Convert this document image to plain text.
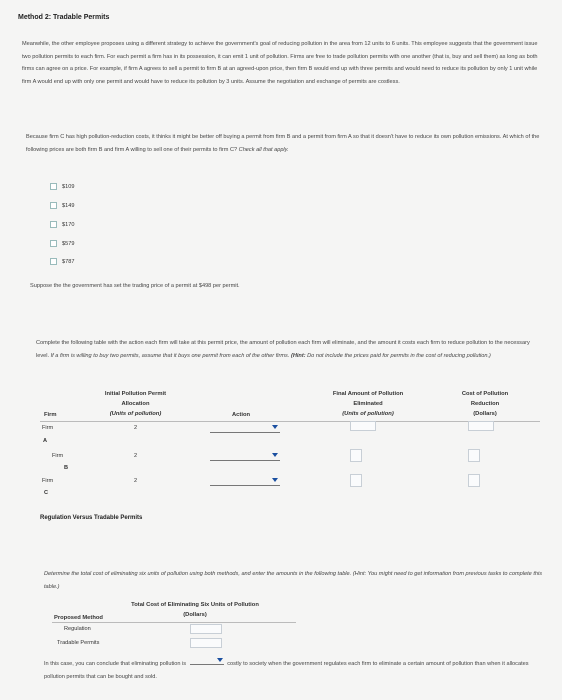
Method 2: Tradable Permits
Meanwhile, the other employee proposes using a different strategy to achieve the government's goal of reducing pollution in the area from 12 units to 6 units. This employee suggests that the government issue two pollution permits to each firm. For each permit a firm has in its possession, it can emit 1 unit of pollution. Firms are free to trade pollution permits with one another (that is, buy and sell them) as long as both firms can agree on a price. For example, if firm A agrees to sell a permit to firm B at an agreed-upon price, then firm B would end up with three permits and would need to reduce its pollution by only 1 unit while firm A would end up with only one permit and would have to reduce its pollution by 3 units. Assume the negotiation and exchange of permits are costless.
Because firm C has high pollution-reduction costs, it thinks it might be better off buying a permit from firm B and a permit from firm A so that it doesn't have to reduce its own pollution emissions. At which of the following prices are both firm B and firm A willing to sell one of their permits to firm C? Check all that apply.
$109
$149
$170
$579
$787
Suppose the the government has set the trading price of a permit at $498 per permit.
Complete the following table with the action each firm will take at this permit price, the amount of pollution each firm will eliminate, and the amount it costs each firm to reduce pollution to the necessary level. If a firm is willing to buy two permits, assume that it buys one permit from each of the other firms. (Hint: Do not include the prices paid for permits in the cost of reducing pollution.)
Firm
Initial Pollution Permit
Allocation
(Units of pollution)	Action
Final Amount of Pollution
Eliminated
(Units of pollution)
Cost of Pollution
Reduction
(Dollars)
Firm
A
2
Firm
B
2
Firm
C
2
Regulation Versus Tradable Permits
Determine the total cost of eliminating six units of pollution using both methods, and enter the amounts in the following table. (Hint: You might need to get information from previous tasks to complete this table.)
Total Cost of Eliminating Six Units of Pollution
(Dollars)
Proposed Method
Regulation
Tradable Permits
In this case, you can conclude that eliminating pollution is	costly to society when the government regulates each firm to eliminate a certain amount of pollution than when it allocates pollution permits that can be bought and sold.
